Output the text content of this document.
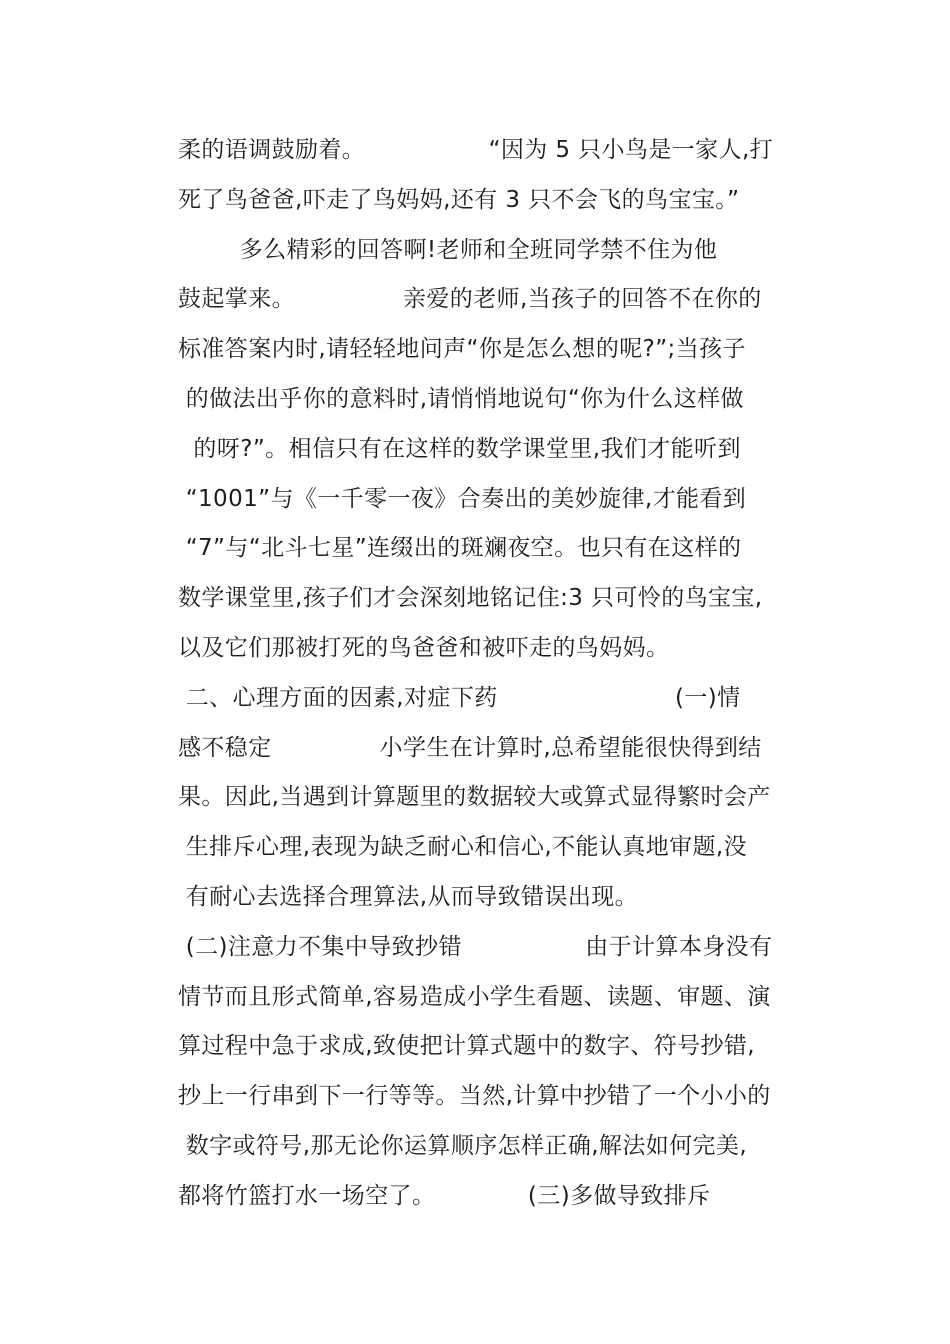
柔的语调鼓励着。                “因为 5 只小鸟是一家人,打
死了鸟爸爸,吓走了鸟妈妈,还有 3 只不会飞的鸟宝宝。”
多么精彩的回答啊!老师和全班同学禁不住为他
鼓起掌来。              亲爱的老师,当孩子的回答不在你的
标准答案内时,请轻轻地问声“你是怎么想的呢?”;当孩子
的做法出乎你的意料时,请悄悄地说句“你为什么这样做
的呀?”。相信只有在这样的数学课堂里,我们才能听到
“1001”与《一千零一夜》合奏出的美妙旋律,才能看到
“7”与“北斗七星”连缀出的斑斓夜空。也只有在这样的
数学课堂里,孩子们才会深刻地铭记住:3 只可怜的鸟宝宝,
以及它们那被打死的鸟爸爸和被吓走的鸟妈妈。
二、心理方面的因素,对症下药                       (一)情
感不稳定              小学生在计算时,总希望能很快得到结
果。因此,当遇到计算题里的数据较大或算式显得繁时会产
生排斥心理,表现为缺乏耐心和信心,不能认真地审题,没
有耐心去选择合理算法,从而导致错误出现。
(二)注意力不集中导致抄错                由于计算本身没有
情节而且形式简单,容易造成小学生看题、读题、审题、演
算过程中急于求成,致使把计算式题中的数字、符号抄错,
抄上一行串到下一行等等。当然,计算中抄错了一个小小的
数字或符号,那无论你运算顺序怎样正确,解法如何完美,
都将竹篮打水一场空了。            (三)多做导致排斥
